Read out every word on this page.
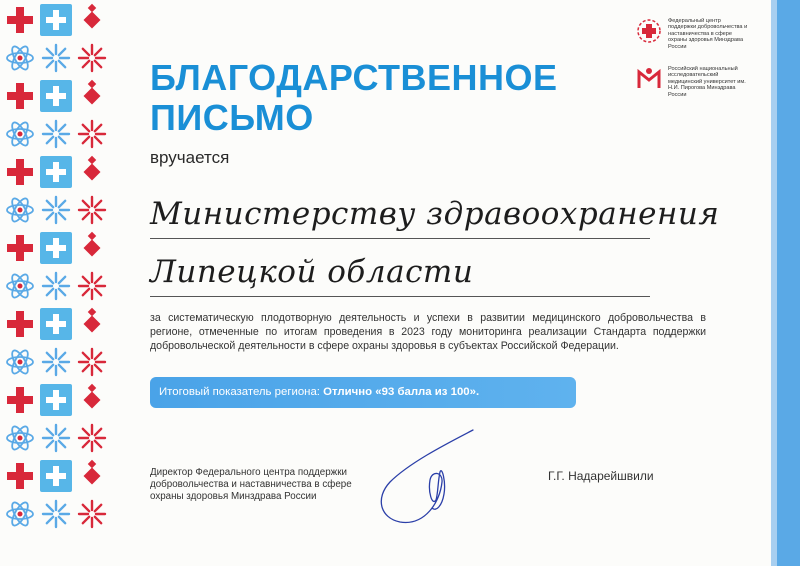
Федеральный центр поддержки добровольчества и наставничества в сфере охраны здоровья Минздрава России
Российский национальный исследовательский медицинский университет им. Н.И. Пирогова Минздрава России
БЛАГОДАРСТВЕННОЕ
ПИСЬМО
вручается
Министерству здравоохранения
Липецкой области
за систематическую плодотворную деятельность и успехи в развитии медицинского добровольчества в регионе, отмеченные по итогам проведения в 2023 году мониторинга реализации Стандарта поддержки добровольческой деятельности в сфере охраны здоровья в субъектах Российской Федерации.
Итоговый показатель региона: Отлично «93 балла из 100».
Директор Федерального центра поддержки добровольчества и наставничества в сфере охраны здоровья Минздрава России
Г.Г. Надарейшвили
